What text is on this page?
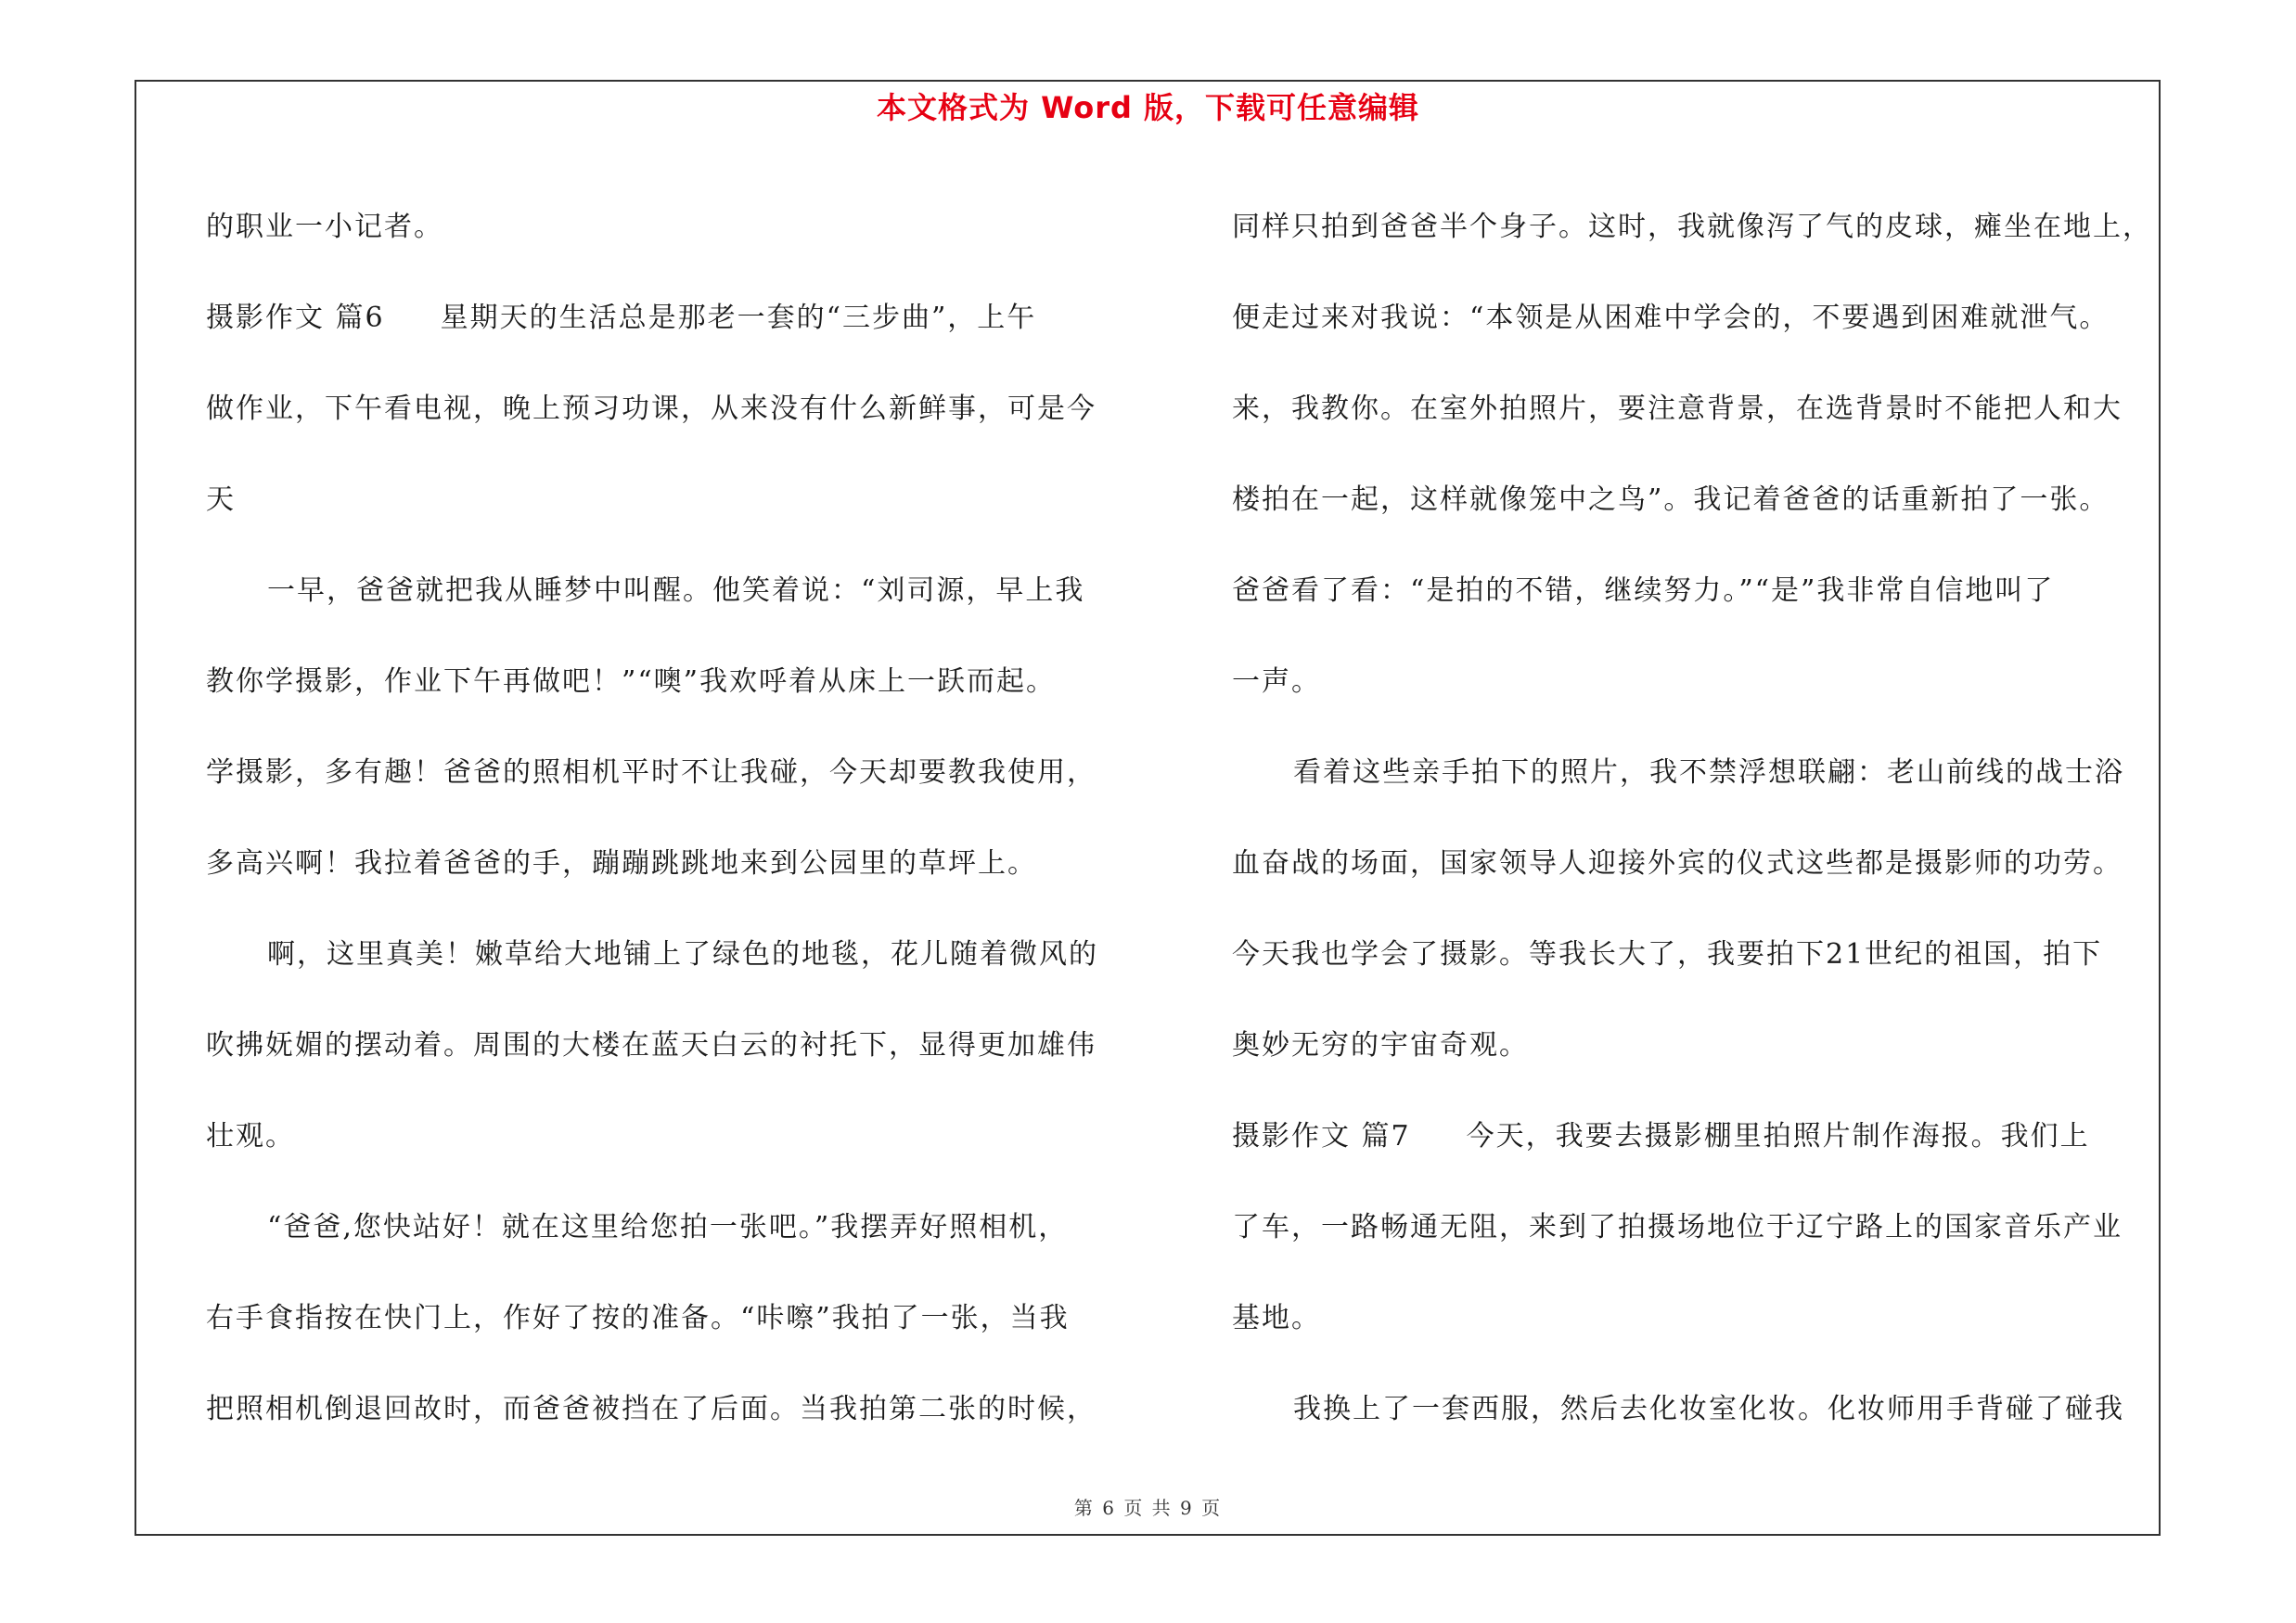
本文格式为 Word 版，下载可任意编辑
的职业一小记者。
摄影作文 篇6 星期天的生活总是那老一套的“三步曲”，上午
做作业，下午看电视，晚上预习功课，从来没有什么新鲜事，可是今
天
一早，爸爸就把我从睡梦中叫醒。他笑着说：“刘司源，早上我
教你学摄影，作业下午再做吧！”“噢”我欢呼着从床上一跃而起。
学摄影，多有趣！爸爸的照相机平时不让我碰，今天却要教我使用，
多高兴啊！我拉着爸爸的手，蹦蹦跳跳地来到公园里的草坪上。
啊，这里真美！嫩草给大地铺上了绿色的地毯，花儿随着微风的
吹拂妩媚的摆动着。周围的大楼在蓝天白云的衬托下，显得更加雄伟
壮观。
“爸爸,您快站好！就在这里给您拍一张吧。”我摆弄好照相机，
右手食指按在快门上，作好了按的准备。“咔嚓”我拍了一张，当我
把照相机倒退回故时，而爸爸被挡在了后面。当我拍第二张的时候，
同样只拍到爸爸半个身子。这时，我就像泻了气的皮球，瘫坐在地上，
便走过来对我说：“本领是从困难中学会的，不要遇到困难就泄气。
来，我教你。在室外拍照片，要注意背景，在选背景时不能把人和大
楼拍在一起，这样就像笼中之鸟”。我记着爸爸的话重新拍了一张。
爸爸看了看：“是拍的不错，继续努力。”“是”我非常自信地叫了
一声。
看着这些亲手拍下的照片，我不禁浮想联翩：老山前线的战士浴
血奋战的场面，国家领导人迎接外宾的仪式这些都是摄影师的功劳。
今天我也学会了摄影。等我长大了，我要拍下21世纪的祖国，拍下
奥妙无穷的宇宙奇观。
摄影作文 篇7 今天，我要去摄影棚里拍照片制作海报。我们上
了车，一路畅通无阻，来到了拍摄场地位于辽宁路上的国家音乐产业
基地。
我换上了一套西服，然后去化妆室化妆。化妆师用手背碰了碰我
第 6 页 共 9 页
